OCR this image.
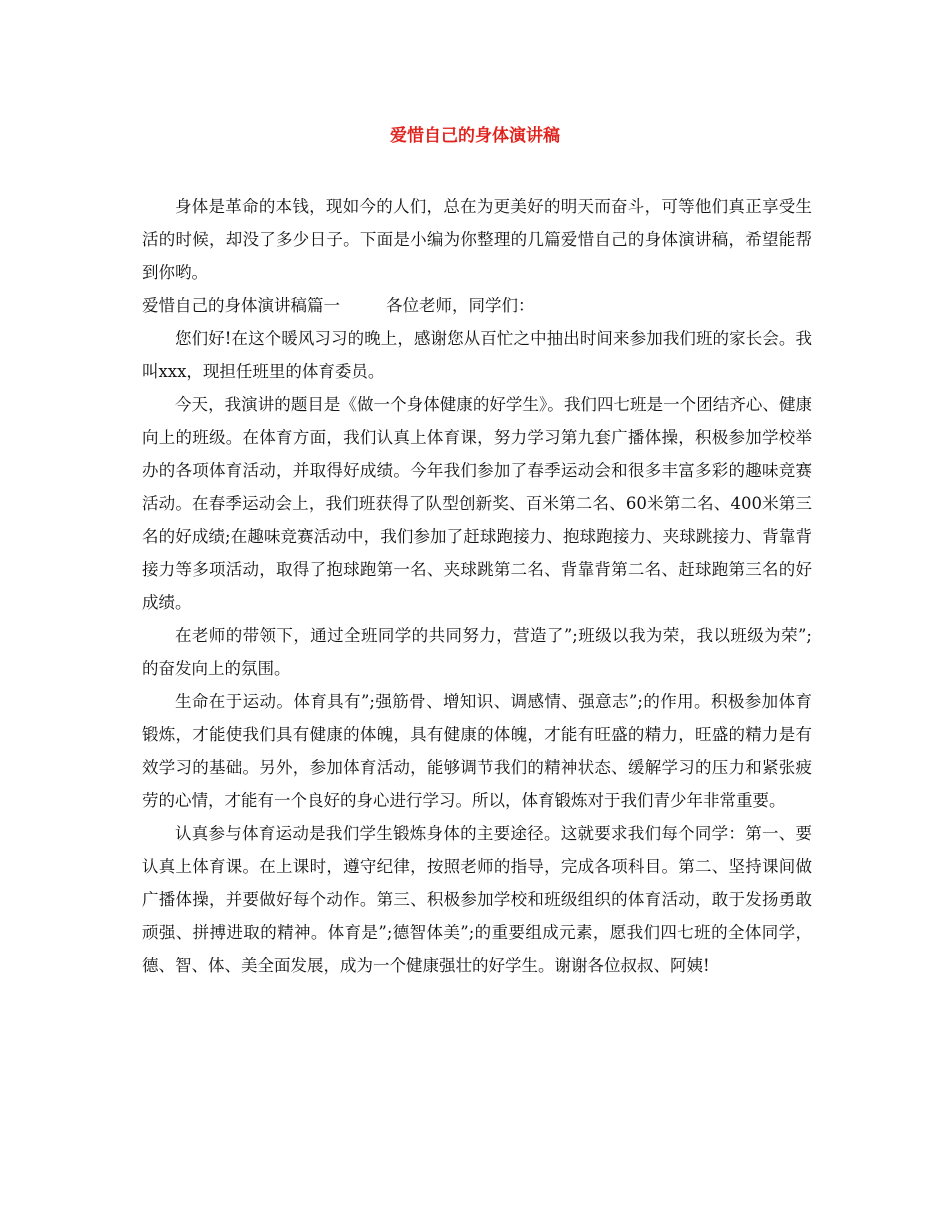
爱惜自己的身体演讲稿

身体是革命的本钱，现如今的人们，总在为更美好的明天而奋斗，可等他们真正享受生活的时候，却没了多少日子。下面是小编为你整理的几篇爱惜自己的身体演讲稿，希望能帮到你哟。

爱惜自己的身体演讲稿篇一	各位老师，同学们：

您们好!在这个暖风习习的晚上，感谢您从百忙之中抽出时间来参加我们班的家长会。我叫xxx，现担任班里的体育委员。

今天，我演讲的题目是《做一个身体健康的好学生》。我们四七班是一个团结齐心、健康向上的班级。在体育方面，我们认真上体育课，努力学习第九套广播体操，积极参加学校举办的各项体育活动，并取得好成绩。今年我们参加了春季运动会和很多丰富多彩的趣味竞赛活动。在春季运动会上，我们班获得了队型创新奖、百米第二名、60米第二名、400米第三名的好成绩;在趣味竞赛活动中，我们参加了赶球跑接力、抱球跑接力、夹球跳接力、背靠背接力等多项活动，取得了抱球跑第一名、夹球跳第二名、背靠背第二名、赶球跑第三名的好成绩。

在老师的带领下，通过全班同学的共同努力，营造了”;班级以我为荣，我以班级为荣”;的奋发向上的氛围。

生命在于运动。体育具有”;强筋骨、增知识、调感情、强意志”;的作用。积极参加体育锻炼，才能使我们具有健康的体魄，具有健康的体魄，才能有旺盛的精力，旺盛的精力是有效学习的基础。另外，参加体育活动，能够调节我们的精神状态、缓解学习的压力和紧张疲劳的心情，才能有一个良好的身心进行学习。所以，体育锻炼对于我们青少年非常重要。

认真参与体育运动是我们学生锻炼身体的主要途径。这就要求我们每个同学：第一、要认真上体育课。在上课时，遵守纪律，按照老师的指导，完成各项科目。第二、坚持课间做广播体操，并要做好每个动作。第三、积极参加学校和班级组织的体育活动，敢于发扬勇敢顽强、拼搏进取的精神。体育是”;德智体美”;的重要组成元素，愿我们四七班的全体同学，德、智、体、美全面发展，成为一个健康强壮的好学生。谢谢各位叔叔、阿姨!
